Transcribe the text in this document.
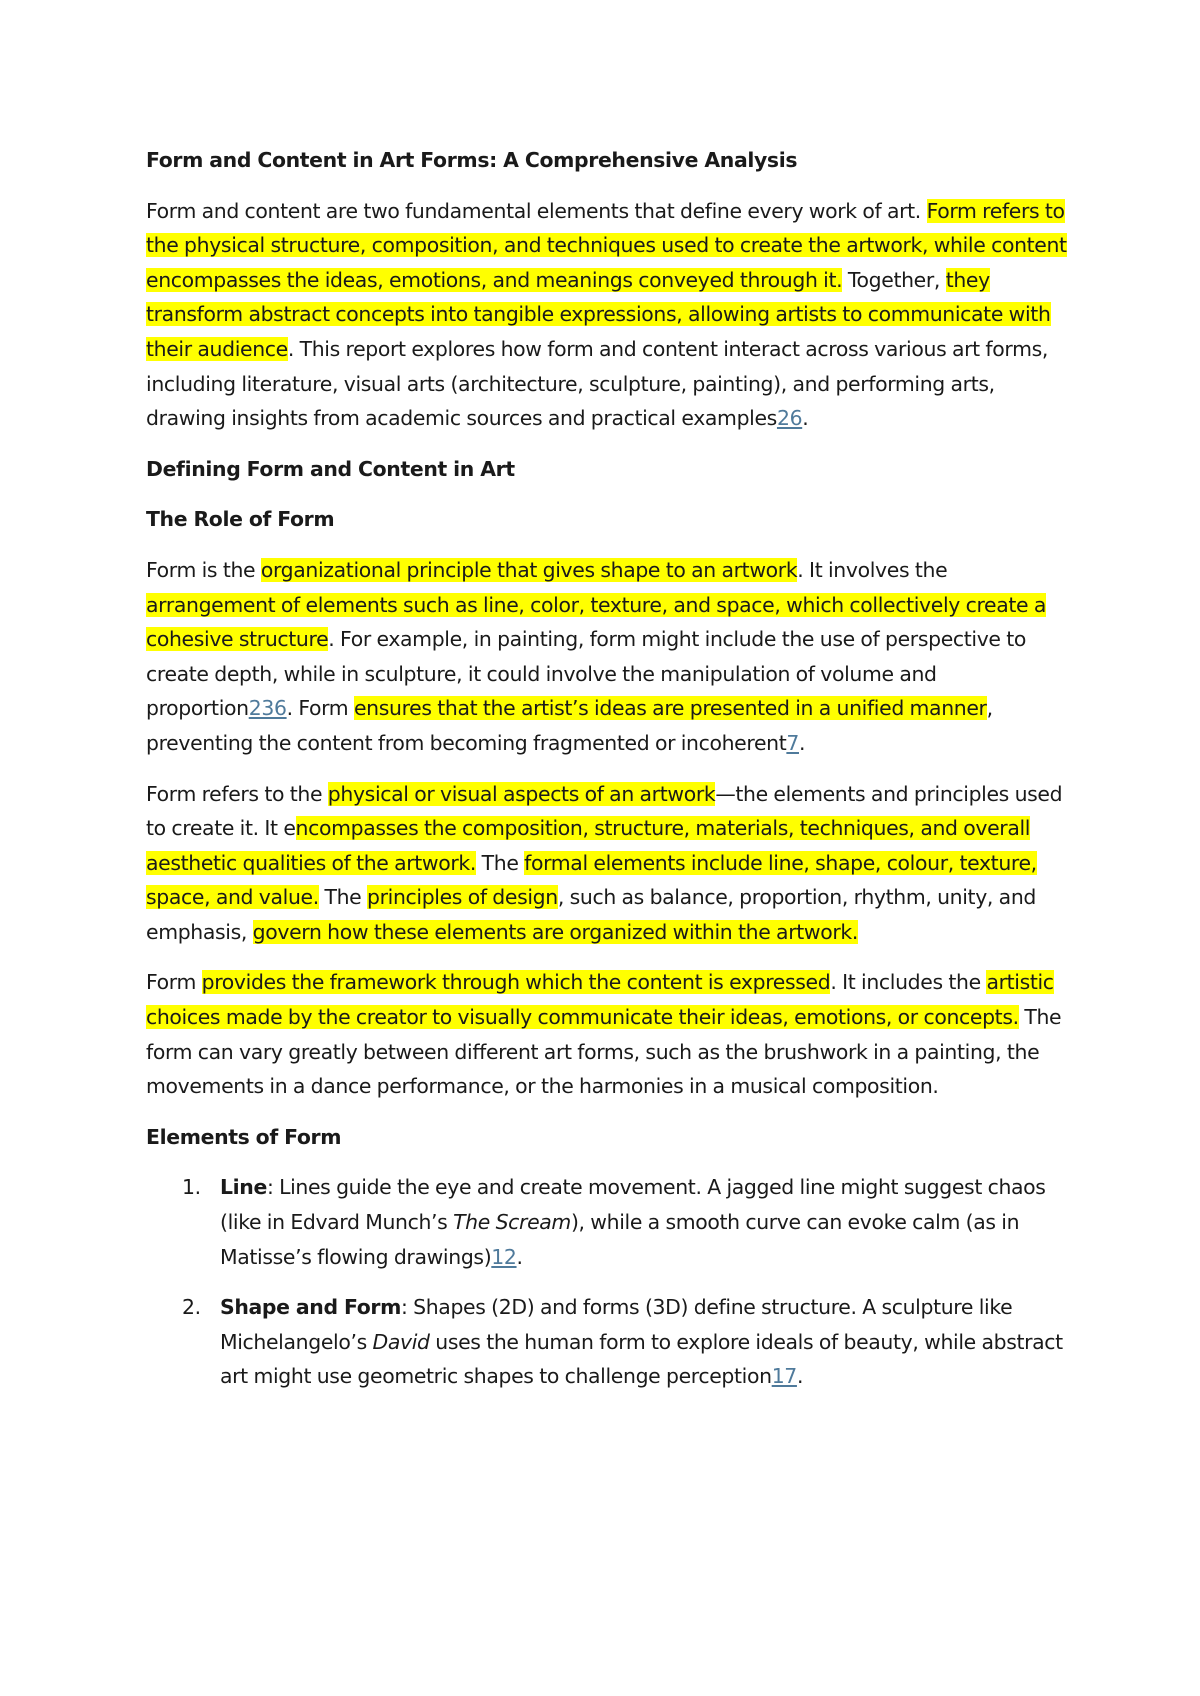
Form and Content in Art Forms: A Comprehensive Analysis
Form and content are two fundamental elements that define every work of art. Form refers to the physical structure, composition, and techniques used to create the artwork, while content encompasses the ideas, emotions, and meanings conveyed through it. Together, they transform abstract concepts into tangible expressions, allowing artists to communicate with their audience. This report explores how form and content interact across various art forms, including literature, visual arts (architecture, sculpture, painting), and performing arts, drawing insights from academic sources and practical examples26.
Defining Form and Content in Art
The Role of Form
Form is the organizational principle that gives shape to an artwork. It involves the arrangement of elements such as line, color, texture, and space, which collectively create a cohesive structure. For example, in painting, form might include the use of perspective to create depth, while in sculpture, it could involve the manipulation of volume and proportion236. Form ensures that the artist’s ideas are presented in a unified manner, preventing the content from becoming fragmented or incoherent7.
Form refers to the physical or visual aspects of an artwork—the elements and principles used to create it. It encompasses the composition, structure, materials, techniques, and overall aesthetic qualities of the artwork. The formal elements include line, shape, colour, texture, space, and value. The principles of design, such as balance, proportion, rhythm, unity, and emphasis, govern how these elements are organized within the artwork.
Form provides the framework through which the content is expressed. It includes the artistic choices made by the creator to visually communicate their ideas, emotions, or concepts. The form can vary greatly between different art forms, such as the brushwork in a painting, the movements in a dance performance, or the harmonies in a musical composition.
Elements of Form
1. Line: Lines guide the eye and create movement. A jagged line might suggest chaos (like in Edvard Munch’s The Scream), while a smooth curve can evoke calm (as in Matisse’s flowing drawings)12.
2. Shape and Form: Shapes (2D) and forms (3D) define structure. A sculpture like Michelangelo’s David uses the human form to explore ideals of beauty, while abstract art might use geometric shapes to challenge perception17.
